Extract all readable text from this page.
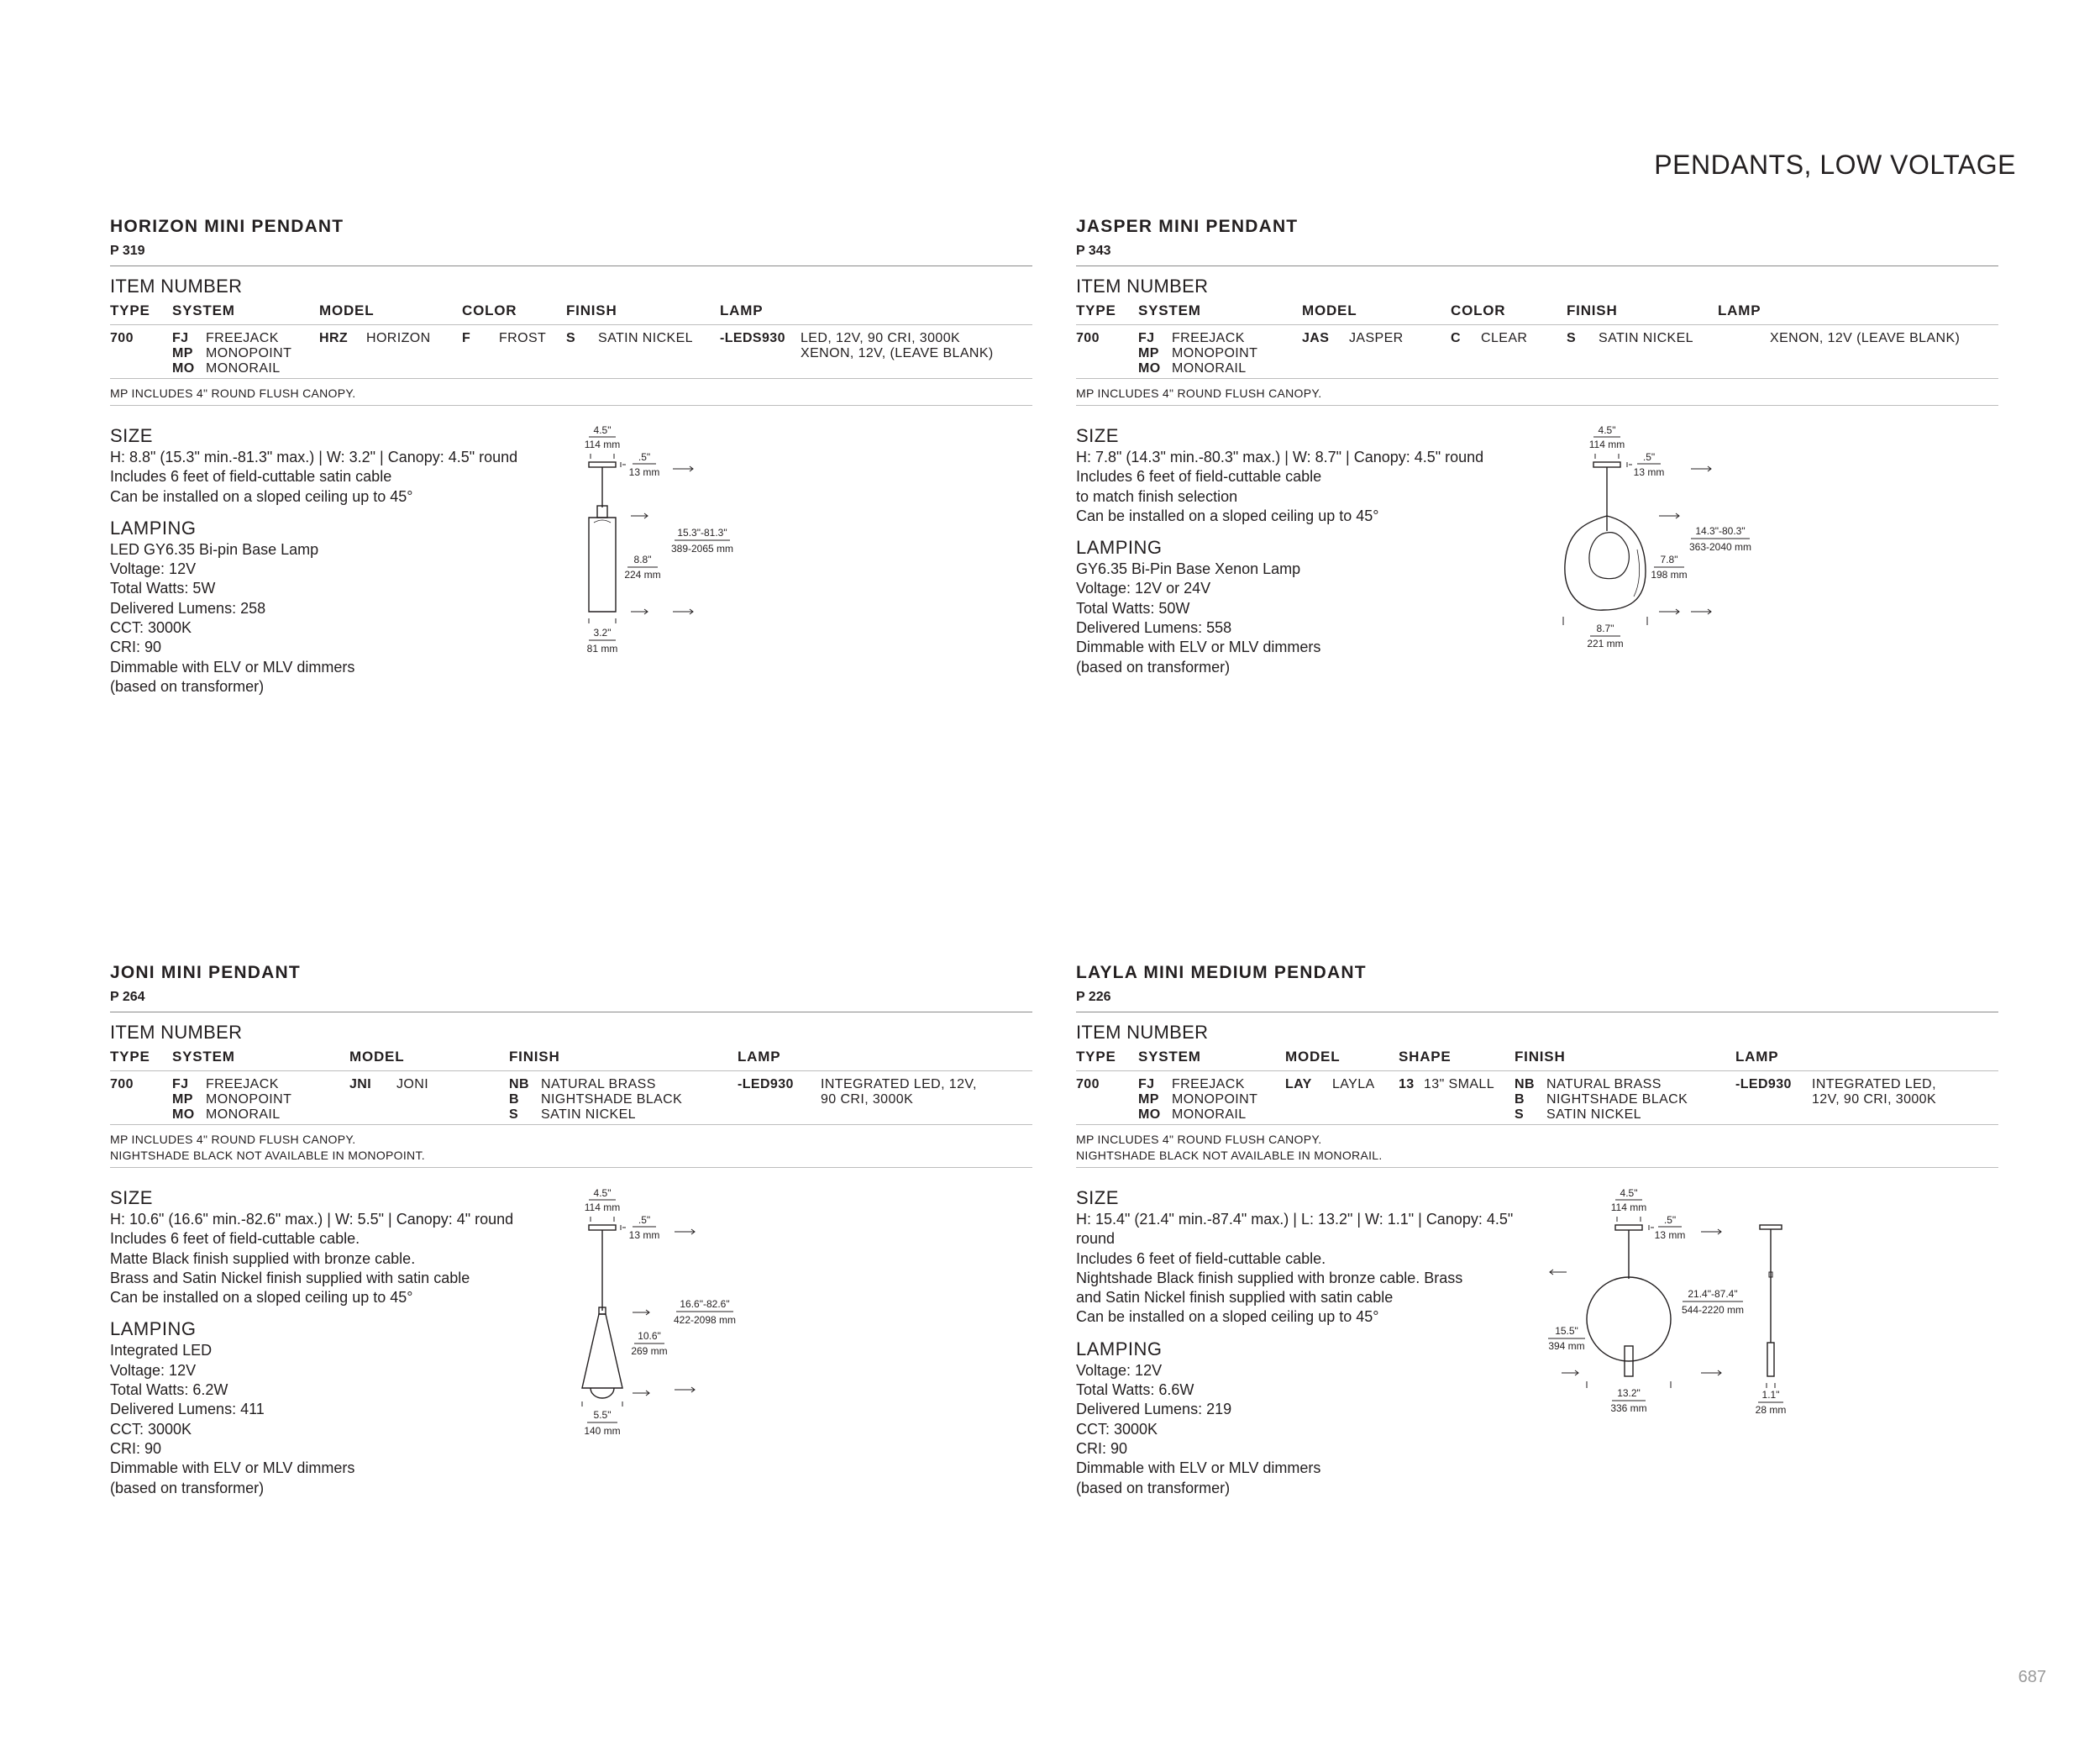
PENDANTS, LOW VOLTAGE
HORIZON MINI PENDANT
P 319
ITEM NUMBER
TYPE
700
SYSTEM
FJ FREEJACK
MP MONOPOINT
MO MONORAIL
MODEL
HRZ HORIZON
COLOR
F FROST
FINISH
S SATIN NICKEL
LAMP
-LEDS930 LED, 12V, 90 CRI, 3000K
XENON, 12V, (LEAVE BLANK)
MP INCLUDES 4" ROUND FLUSH CANOPY.
SIZE
H: 8.8" (15.3" min.-81.3" max.) | W: 3.2" | Canopy: 4.5" round
Includes 6 feet of field-cuttable satin cable
Can be installed on a sloped ceiling up to 45°
LAMPING
LED GY6.35 Bi-pin Base Lamp
Voltage: 12V
Total Watts: 5W
Delivered Lumens: 258
CCT: 3000K
CRI: 90
Dimmable with ELV or MLV dimmers
(based on transformer)
4.5"
114 mm
.5"
13 mm
15.3"-81.3"
389-2065 mm
8.8"
224 mm
3.2"
81 mm
JASPER MINI PENDANT
P 343
ITEM NUMBER
TYPE
700
SYSTEM
FJ FREEJACK
MP MONOPOINT
MO MONORAIL
MODEL
JAS JASPER
COLOR
C CLEAR
FINISH
S SATIN NICKEL
LAMP
XENON, 12V (LEAVE BLANK)
MP INCLUDES 4" ROUND FLUSH CANOPY.
SIZE
H: 7.8" (14.3" min.-80.3" max.) | W: 8.7" | Canopy: 4.5" round
Includes 6 feet of field-cuttable cable
to match finish selection
Can be installed on a sloped ceiling up to 45°
LAMPING
GY6.35 Bi-Pin Base Xenon Lamp
Voltage: 12V or 24V
Total Watts: 50W
Delivered Lumens: 558
Dimmable with ELV or MLV dimmers
(based on transformer)
4.5"
114 mm
.5"
13 mm
14.3"-80.3"
363-2040 mm
7.8"
198 mm
8.7"
221 mm
JONI MINI PENDANT
P 264
ITEM NUMBER
TYPE
700
SYSTEM
FJ FREEJACK
MP MONOPOINT
MO MONORAIL
MODEL
JNI JONI
FINISH
NB NATURAL BRASS
B NIGHTSHADE BLACK
S SATIN NICKEL
LAMP
-LED930 INTEGRATED LED, 12V,
90 CRI, 3000K
MP INCLUDES 4" ROUND FLUSH CANOPY.
NIGHTSHADE BLACK NOT AVAILABLE IN MONOPOINT.
SIZE
H: 10.6" (16.6" min.-82.6" max.) | W: 5.5" | Canopy: 4" round
Includes 6 feet of field-cuttable cable.
Matte Black finish supplied with bronze cable.
Brass and Satin Nickel finish supplied with satin cable
Can be installed on a sloped ceiling up to 45°
LAMPING
Integrated LED
Voltage: 12V
Total Watts: 6.2W
Delivered Lumens: 411
CCT: 3000K
CRI: 90
Dimmable with ELV or MLV dimmers
(based on transformer)
4.5"
114 mm
.5"
13 mm
16.6"-82.6"
422-2098 mm
10.6"
269 mm
5.5"
140 mm
LAYLA MINI MEDIUM PENDANT
P 226
ITEM NUMBER
TYPE
700
SYSTEM
FJ FREEJACK
MP MONOPOINT
MO MONORAIL
MODEL
LAY LAYLA
SHAPE
13 13" SMALL
FINISH
NB NATURAL BRASS
B NIGHTSHADE BLACK
S SATIN NICKEL
LAMP
-LED930 INTEGRATED LED,
12V, 90 CRI, 3000K
MP INCLUDES 4" ROUND FLUSH CANOPY.
NIGHTSHADE BLACK NOT AVAILABLE IN MONORAIL.
SIZE
H: 15.4" (21.4" min.-87.4" max.) | L: 13.2" | W: 1.1" | Canopy: 4.5"
round
Includes 6 feet of field-cuttable cable.
Nightshade Black finish supplied with bronze cable. Brass
and Satin Nickel finish supplied with satin cable
Can be installed on a sloped ceiling up to 45°
LAMPING
Voltage: 12V
Total Watts: 6.6W
Delivered Lumens: 219
CCT: 3000K
CRI: 90
Dimmable with ELV or MLV dimmers
(based on transformer)
4.5"
114 mm
.5"
13 mm
21.4"-87.4"
544-2220 mm
15.5"
394 mm
13.2"
336 mm
1.1"
28 mm
687
